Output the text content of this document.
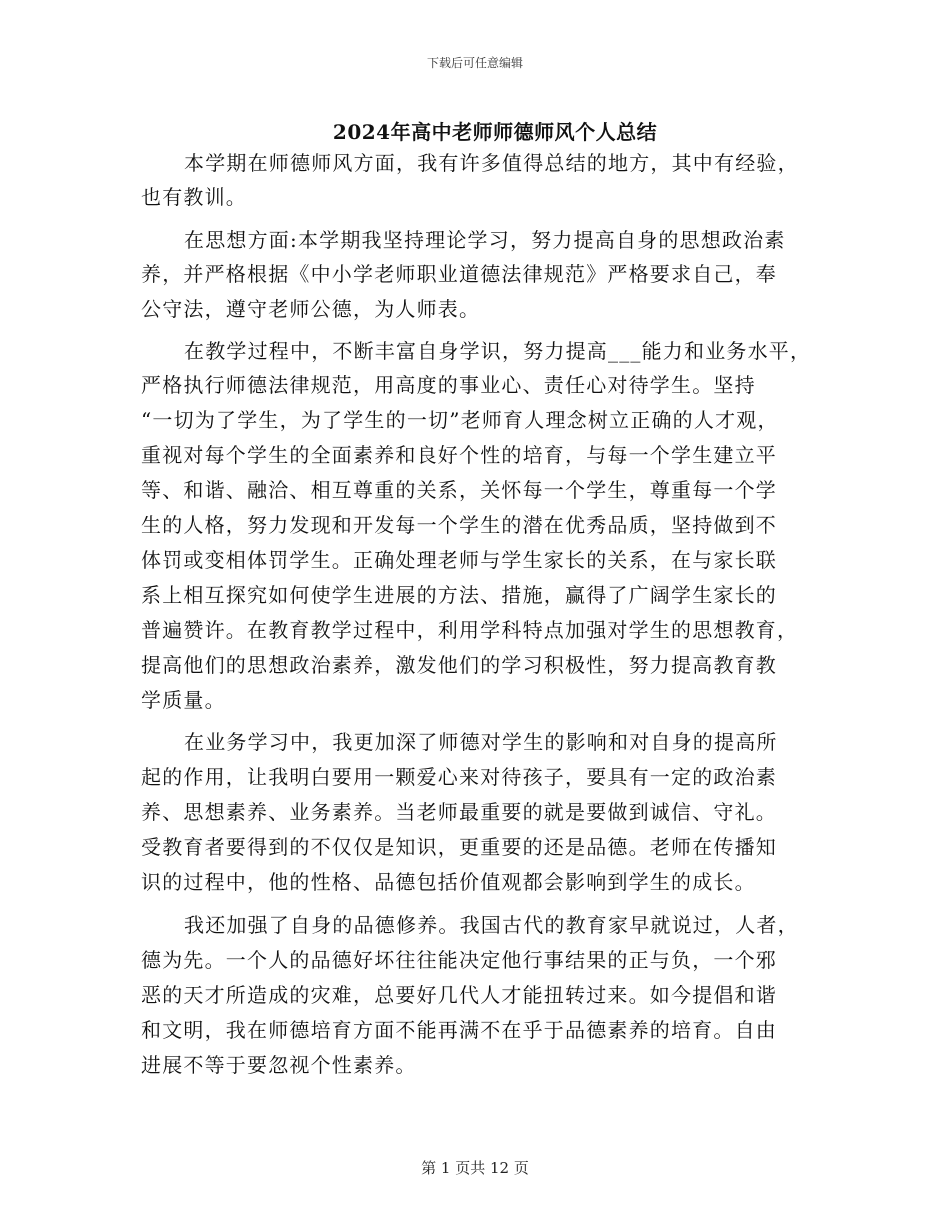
下载后可任意编辑
2024年高中老师师德师风个人总结
本学期在师德师风方面，我有许多值得总结的地方，其中有经验，
也有教训。
在思想方面:本学期我坚持理论学习，努力提高自身的思想政治素
养，并严格根据《中小学老师职业道德法律规范》严格要求自己，奉
公守法，遵守老师公德，为人师表。
在教学过程中，不断丰富自身学识，努力提高___能力和业务水平，
严格执行师德法律规范，用高度的事业心、责任心对待学生。坚持
“一切为了学生，为了学生的一切”老师育人理念树立正确的人才观，
重视对每个学生的全面素养和良好个性的培育，与每一个学生建立平
等、和谐、融洽、相互尊重的关系，关怀每一个学生，尊重每一个学
生的人格，努力发现和开发每一个学生的潜在优秀品质，坚持做到不
体罚或变相体罚学生。正确处理老师与学生家长的关系，在与家长联
系上相互探究如何使学生进展的方法、措施，赢得了广阔学生家长的
普遍赞许。在教育教学过程中，利用学科特点加强对学生的思想教育，
提高他们的思想政治素养，激发他们的学习积极性，努力提高教育教
学质量。
在业务学习中，我更加深了师德对学生的影响和对自身的提高所
起的作用，让我明白要用一颗爱心来对待孩子，要具有一定的政治素
养、思想素养、业务素养。当老师最重要的就是要做到诚信、守礼。
受教育者要得到的不仅仅是知识，更重要的还是品德。老师在传播知
识的过程中，他的性格、品德包括价值观都会影响到学生的成长。
我还加强了自身的品德修养。我国古代的教育家早就说过，人者，
德为先。一个人的品德好坏往往能决定他行事结果的正与负，一个邪
恶的天才所造成的灾难，总要好几代人才能扭转过来。如今提倡和谐
和文明，我在师德培育方面不能再满不在乎于品德素养的培育。自由
进展不等于要忽视个性素养。
第 1 页共 12 页
